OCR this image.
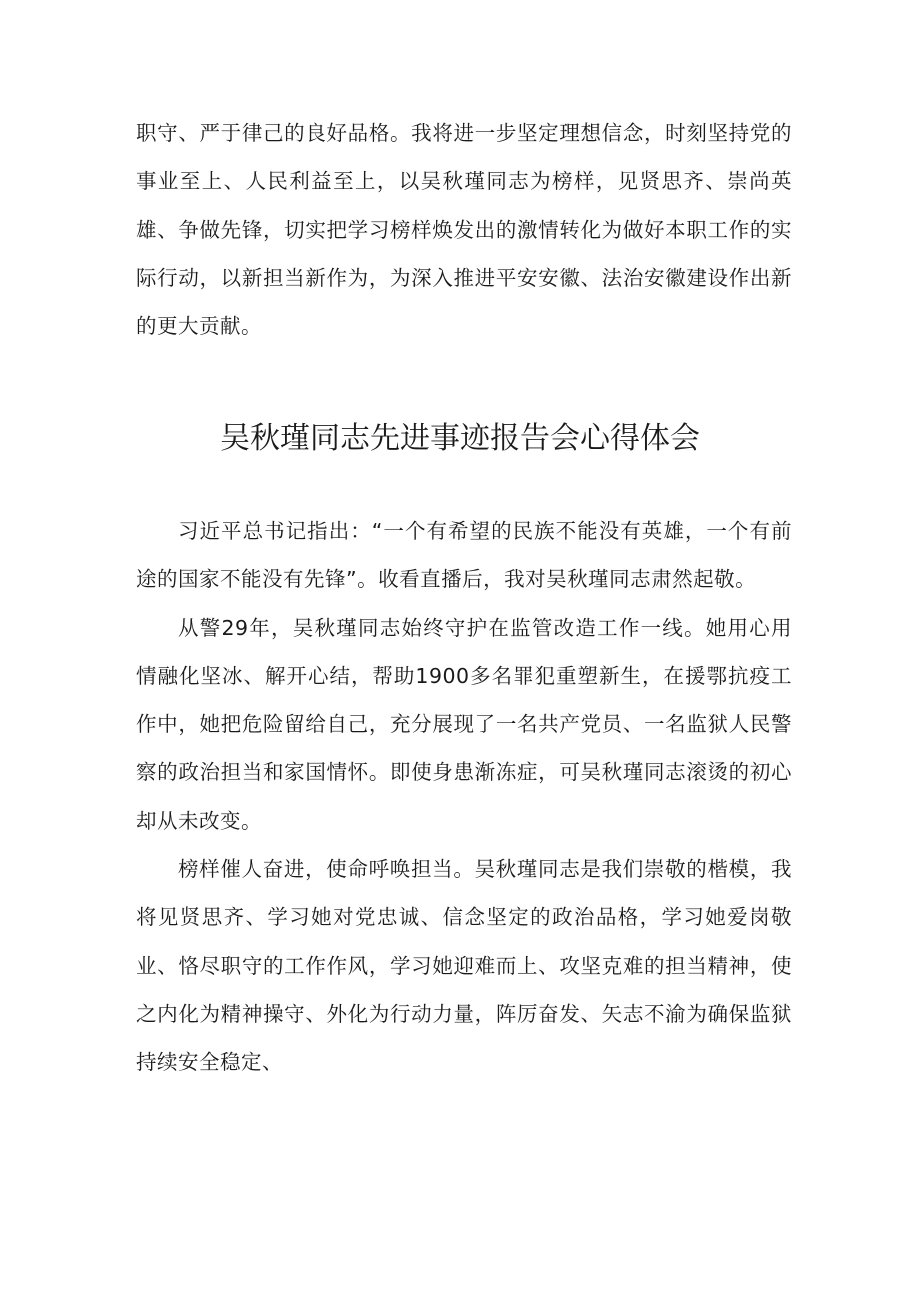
职守、严于律己的良好品格。我将进一步坚定理想信念，时刻坚持党的事业至上、人民利益至上，以吴秋瑾同志为榜样，见贤思齐、崇尚英雄、争做先锋，切实把学习榜样焕发出的激情转化为做好本职工作的实际行动，以新担当新作为，为深入推进平安安徽、法治安徽建设作出新的更大贡献。

吴秋瑾同志先进事迹报告会心得体会

习近平总书记指出：“一个有希望的民族不能没有英雄，一个有前途的国家不能没有先锋”。收看直播后，我对吴秋瑾同志肃然起敬。

从警29年，吴秋瑾同志始终守护在监管改造工作一线。她用心用情融化坚冰、解开心结，帮助1900多名罪犯重塑新生，在援鄂抗疫工作中，她把危险留给自己，充分展现了一名共产党员、一名监狱人民警察的政治担当和家国情怀。即使身患渐冻症，可吴秋瑾同志滚烫的初心却从未改变。

榜样催人奋进，使命呼唤担当。吴秋瑾同志是我们崇敬的楷模，我将见贤思齐、学习她对党忠诚、信念坚定的政治品格，学习她爱岗敬业、恪尽职守的工作作风，学习她迎难而上、攻坚克难的担当精神，使之内化为精神操守、外化为行动力量，阵厉奋发、矢志不渝为确保监狱持续安全稳定、
